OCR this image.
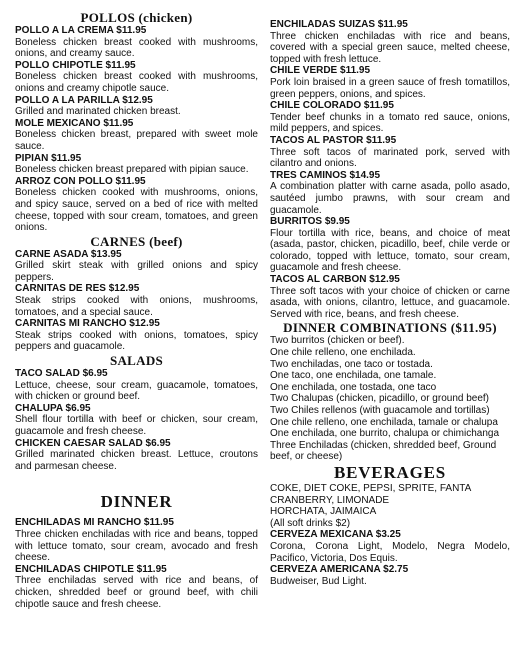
POLLOS (chicken)
POLLO A LA CREMA $11.95
Boneless chicken breast cooked with mushrooms, onions, and creamy sauce.
POLLO CHIPOTLE $11.95
Boneless chicken breast cooked with mushrooms, onions and creamy chipotle sauce.
POLLO A LA PARILLA $12.95
Grilled and marinated chicken breast.
MOLE MEXICANO $11.95
Boneless chicken breast, prepared with sweet mole sauce.
PIPIAN $11.95
Boneless chicken breast prepared with pipian sauce.
ARROZ CON POLLO $11.95
Boneless chicken cooked with mushrooms, onions, and spicy sauce, served on a bed of rice with melted cheese, topped with sour cream, tomatoes, and green onions.
CARNES (beef)
CARNE ASADA $13.95
Grilled skirt steak with grilled onions and spicy peppers.
CARNITAS DE RES $12.95
Steak strips cooked with onions, mushrooms, tomatoes, and a special sauce.
CARNITAS MI RANCHO $12.95
Steak strips cooked with onions, tomatoes, spicy peppers and guacamole.
SALADS
TACO SALAD $6.95
Lettuce, cheese, sour cream, guacamole, tomatoes, with chicken or ground beef.
CHALUPA $6.95
Shell flour tortilla with beef or chicken, sour cream, guacamole and fresh cheese.
CHICKEN CAESAR SALAD $6.95
Grilled marinated chicken breast. Lettuce, croutons and parmesan cheese.
DINNER
ENCHILADAS MI RANCHO $11.95
Three chicken enchiladas with rice and beans, topped with lettuce tomato, sour cream, avocado and fresh cheese.
ENCHILADAS CHIPOTLE $11.95
Three enchiladas served with rice and beans, of chicken, shredded beef or ground beef, with chili chipotle sauce and fresh cheese.
ENCHILADAS SUIZAS $11.95
Three chicken enchiladas with rice and beans, covered with a special green sauce, melted cheese, topped with fresh lettuce.
CHILE VERDE $11.95
Pork loin braised in a green sauce of fresh tomatillos, green peppers, onions, and spices.
CHILE COLORADO $11.95
Tender beef chunks in a tomato red sauce, onions, mild peppers, and spices.
TACOS AL PASTOR $11.95
Three soft tacos of marinated pork, served with cilantro and onions.
TRES CAMINOS $14.95
A combination platter with carne asada, pollo asado, sautéed jumbo prawns, with sour cream and guacamole.
BURRITOS $9.95
Flour tortilla with rice, beans, and choice of meat (asada, pastor, chicken, picadillo, beef, chile verde or colorado, topped with lettuce, tomato, sour cream, guacamole and fresh cheese.
TACOS AL CARBON $12.95
Three soft tacos with your choice of chicken or carne asada, with onions, cilantro, lettuce, and guacamole. Served with rice, beans, and fresh cheese.
DINNER COMBINATIONS ($11.95)
Two burritos (chicken or beef).
One chile relleno, one enchilada.
Two enchiladas, one taco or tostada.
One taco, one enchilada, one tamale.
One enchilada, one tostada, one taco
Two Chalupas (chicken, picadillo, or ground beef)
Two Chiles rellenos (with guacamole and tortillas)
One chile relleno, one enchilada, tamale or chalupa
One enchilada, one burrito, chalupa or chimichanga
Three Enchiladas (chicken, shredded beef, Ground beef, or cheese)
BEVERAGES
COKE, DIET COKE, PEPSI, SPRITE, FANTA
CRANBERRY, LIMONADE
HORCHATA, JAIMAICA
(All soft drinks $2)
CERVEZA MEXICANA $3.25
Corona, Corona Light, Modelo, Negra Modelo, Pacifico, Victoria, Dos Equis.
CERVEZA AMERICANA $2.75
Budweiser, Bud Light.
